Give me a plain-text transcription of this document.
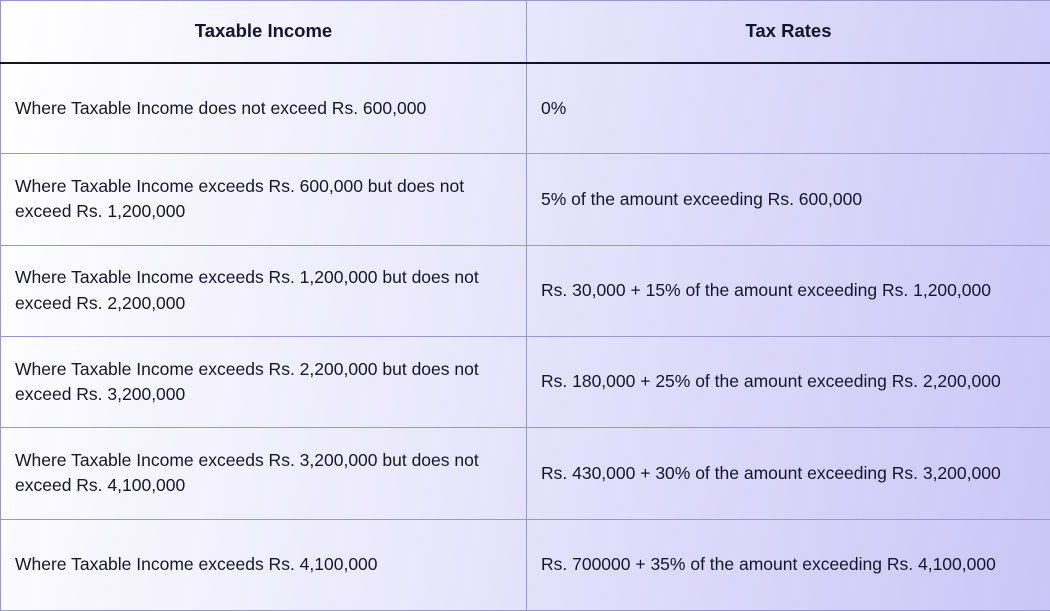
Taxable Income	Tax Rates
Where Taxable Income does not exceed Rs. 600,000	0%
Where Taxable Income exceeds Rs. 600,000 but does not exceed Rs. 1,200,000	5% of the amount exceeding Rs. 600,000
Where Taxable Income exceeds Rs. 1,200,000 but does not exceed Rs. 2,200,000	Rs. 30,000 + 15% of the amount exceeding Rs. 1,200,000
Where Taxable Income exceeds Rs. 2,200,000 but does not exceed Rs. 3,200,000	Rs. 180,000 + 25% of the amount exceeding Rs. 2,200,000
Where Taxable Income exceeds Rs. 3,200,000 but does not exceed Rs. 4,100,000	Rs. 430,000 + 30% of the amount exceeding Rs. 3,200,000
Where Taxable Income exceeds Rs. 4,100,000	Rs. 700000 + 35% of the amount exceeding Rs. 4,100,000
